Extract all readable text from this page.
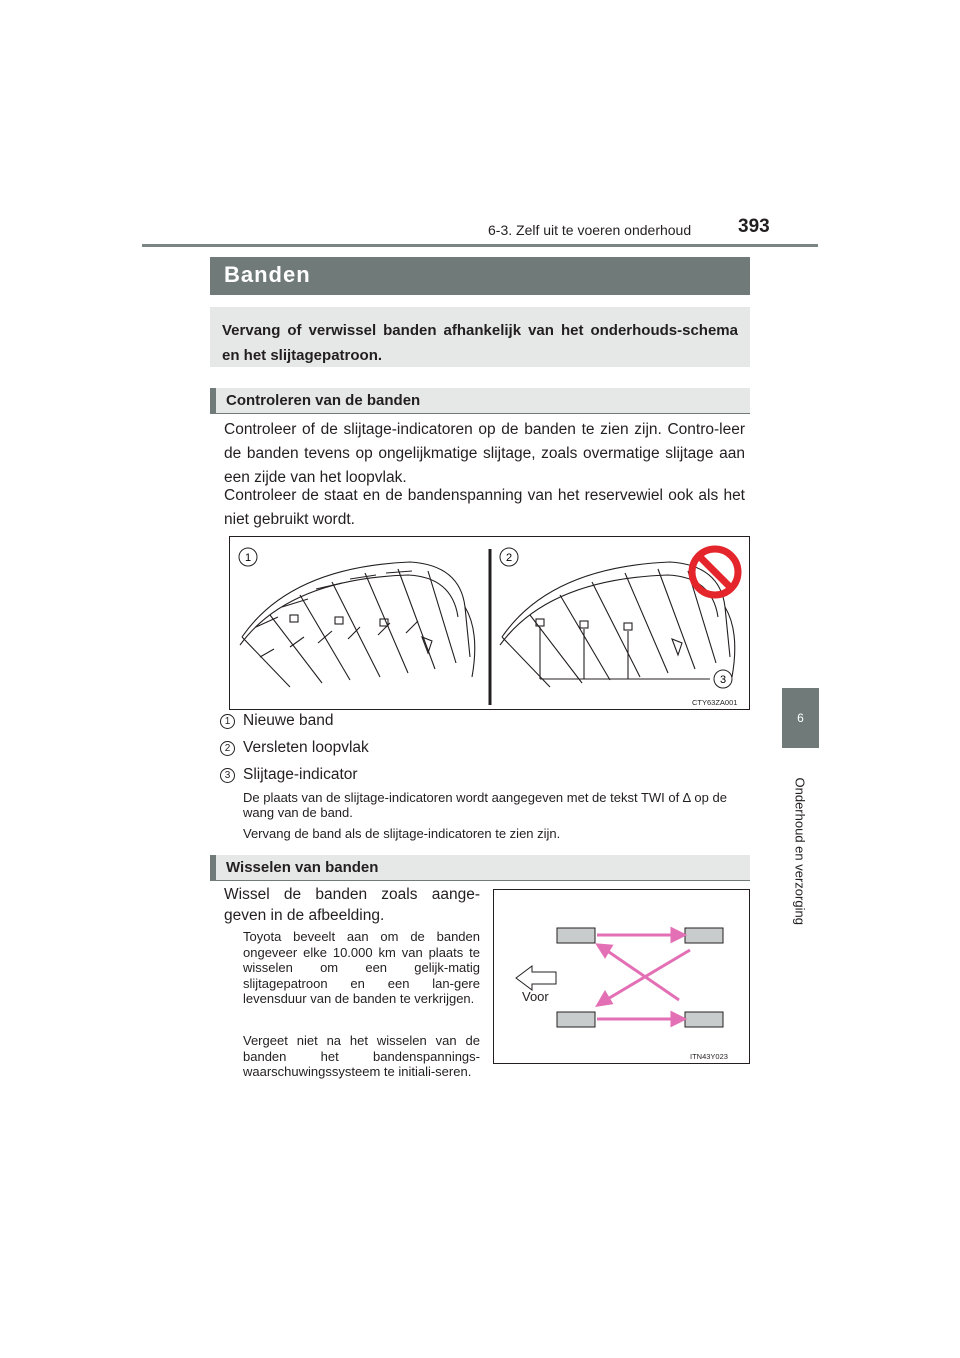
6-3. Zelf uit te voeren onderhoud 393
6
Onderhoud en verzorging
Banden
Vervang of verwissel banden afhankelijk van het onderhouds-schema en het slijtagepatroon.
Controleren van de banden
Controleer of de slijtage-indicatoren op de banden te zien zijn. Contro-leer de banden tevens op ongelijkmatige slijtage, zoals overmatige slijtage aan een zijde van het loopvlak.
Controleer de staat en de bandenspanning van het reservewiel ook als het niet gebruikt wordt.
1	2
3
CTY63ZA001
1 Nieuwe band
2 Versleten loopvlak
3 Slijtage-indicator
De plaats van de slijtage-indicatoren wordt aangegeven met de tekst TWI of ∆ op de wang van de band.
Vervang de band als de slijtage-indicatoren te zien zijn.
Wisselen van banden
Wissel de banden zoals aange-geven in de afbeelding.
Toyota beveelt aan om de banden ongeveer elke 10.000 km van plaats te wisselen om een gelijk-matig slijtagepatroon en een lan-gere levensduur van de banden te verkrijgen.
Vergeet niet na het wisselen van de banden het bandenspannings-waarschuwingssysteem te initiali-seren.
Voor
ITN43Y023
